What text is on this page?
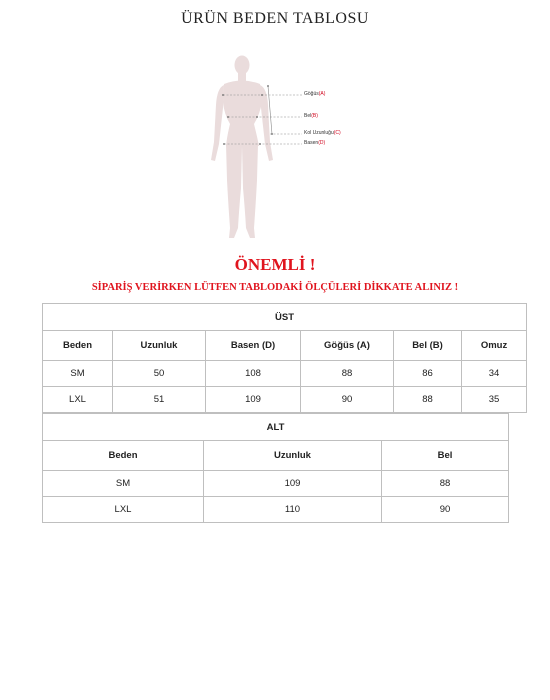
ÜRÜN BEDEN TABLOSU
Göğüs(A)
Bel(B)
Kol Uzunluğu(C)
Basen(D)
ÖNEMLİ !
SİPARİŞ VERİRKEN LÜTFEN TABLODAKİ ÖLÇÜLERİ DİKKATE ALINIZ !
ÜST					
Beden	Uzunluk	Basen (D)	Göğüs (A)	Bel (B)	Omuz
SM	50	108	88	86	34
LXL	51	109	90	88	35
ALT		
Beden	Uzunluk	Bel
SM	109	88
LXL	110	90
